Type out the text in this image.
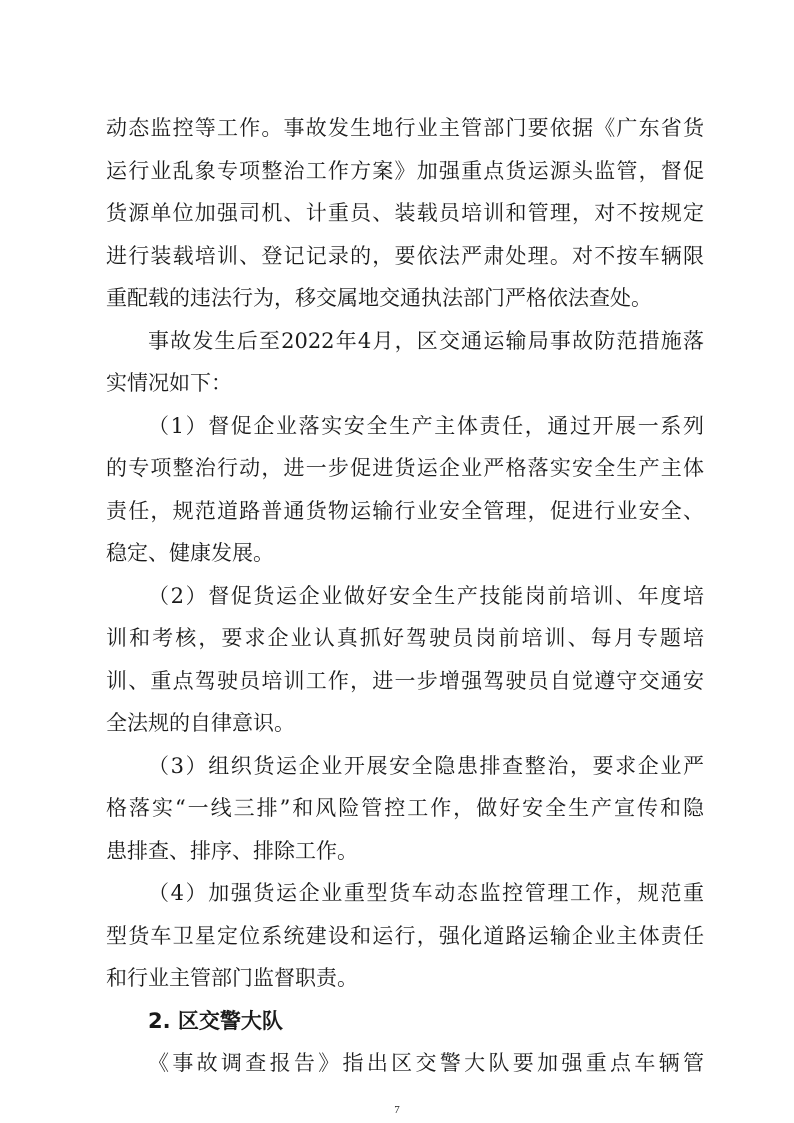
动态监控等工作。事故发生地行业主管部门要依据《广东省货
运行业乱象专项整治工作方案》加强重点货运源头监管，督促
货源单位加强司机、计重员、装载员培训和管理，对不按规定
进行装载培训、登记记录的，要依法严肃处理。对不按车辆限
重配载的违法行为，移交属地交通执法部门严格依法查处。
事故发生后至2022年4月，区交通运输局事故防范措施落
实情况如下：
（1）督促企业落实安全生产主体责任，通过开展一系列
的专项整治行动，进一步促进货运企业严格落实安全生产主体
责任，规范道路普通货物运输行业安全管理，促进行业安全、
稳定、健康发展。
（2）督促货运企业做好安全生产技能岗前培训、年度培
训和考核，要求企业认真抓好驾驶员岗前培训、每月专题培
训、重点驾驶员培训工作，进一步增强驾驶员自觉遵守交通安
全法规的自律意识。
（3）组织货运企业开展安全隐患排查整治，要求企业严
格落实“一线三排”和风险管控工作，做好安全生产宣传和隐
患排查、排序、排除工作。
（4）加强货运企业重型货车动态监控管理工作，规范重
型货车卫星定位系统建设和运行，强化道路运输企业主体责任
和行业主管部门监督职责。
2. 区交警大队
《事故调查报告》指出区交警大队要加强重点车辆管
7
